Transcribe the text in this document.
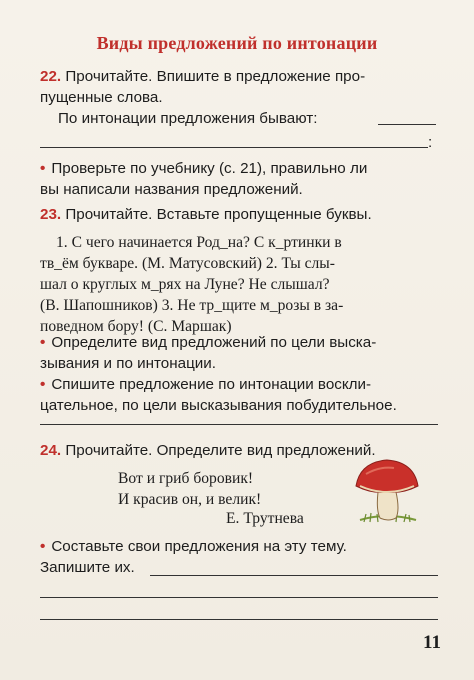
Виды предложений по интонации
22. Прочитайте. Впишите в предложение про-
пущенные слова.
По интонации предложения бывают:
:
• Проверьте по учебнику (с. 21), правильно ли
вы написали названия предложений.
23. Прочитайте. Вставьте пропущенные буквы.
1. С чего начинается Род_на? С к_ртинки в
тв_ём букваре. (М. Матусовский) 2. Ты слы-
шал о круглых м_рях на Луне? Не слышал?
(В. Шапошников) 3. Не тр_щите м_розы в за-
поведном бору! (С. Маршак)
• Определите вид предложений по цели выска-
зывания и по интонации.
• Спишите предложение по интонации воскли-
цательное, по цели высказывания побудительное.
24. Прочитайте. Определите вид предложений.
Вот и гриб боровик!
И красив он, и велик!
Е. Трутнева
• Составьте свои предложения на эту тему.
Запишите их.
11
